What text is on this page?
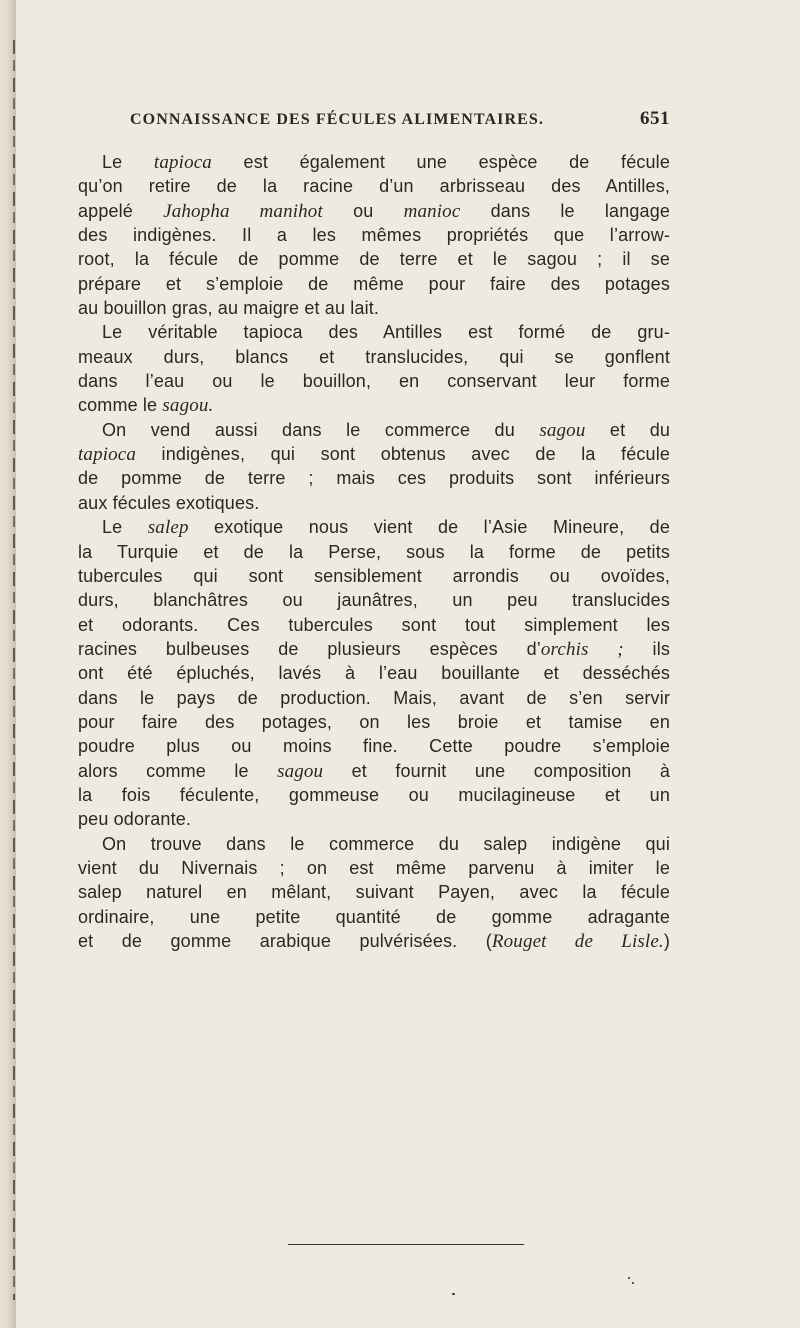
CONNAISSANCE DES FÉCULES ALIMENTAIRES.	651
Le tapioca est également une espèce de fécule
qu’on retire de la racine d’un arbrisseau des Antilles,
appelé Jahopha manihot ou manioc dans le langage
des indigènes. Il a les mêmes propriétés que l’arrow-
root, la fécule de pomme de terre et le sagou ; il se
prépare et s’emploie de même pour faire des potages
au bouillon gras, au maigre et au lait.
Le véritable tapioca des Antilles est formé de gru-
meaux durs, blancs et translucides, qui se gonflent
dans l’eau ou le bouillon, en conservant leur forme
comme le sagou.
On vend aussi dans le commerce du sagou et du
tapioca indigènes, qui sont obtenus avec de la fécule
de pomme de terre ; mais ces produits sont inférieurs
aux fécules exotiques.
Le salep exotique nous vient de l’Asie Mineure, de
la Turquie et de la Perse, sous la forme de petits
tubercules qui sont sensiblement arrondis ou ovoïdes,
durs, blanchâtres ou jaunâtres, un peu translucides
et odorants. Ces tubercules sont tout simplement les
racines bulbeuses de plusieurs espèces d’orchis ; ils
ont été épluchés, lavés à l’eau bouillante et desséchés
dans le pays de production. Mais, avant de s’en servir
pour faire des potages, on les broie et tamise en
poudre plus ou moins fine. Cette poudre s’emploie
alors comme le sagou et fournit une composition à
la fois féculente, gommeuse ou mucilagineuse et un
peu odorante.
On trouve dans le commerce du salep indigène qui
vient du Nivernais ; on est même parvenu à imiter le
salep naturel en mêlant, suivant Payen, avec la fécule
ordinaire, une petite quantité de gomme adragante
et de gomme arabique pulvérisées. (Rouget de Lisle.)
